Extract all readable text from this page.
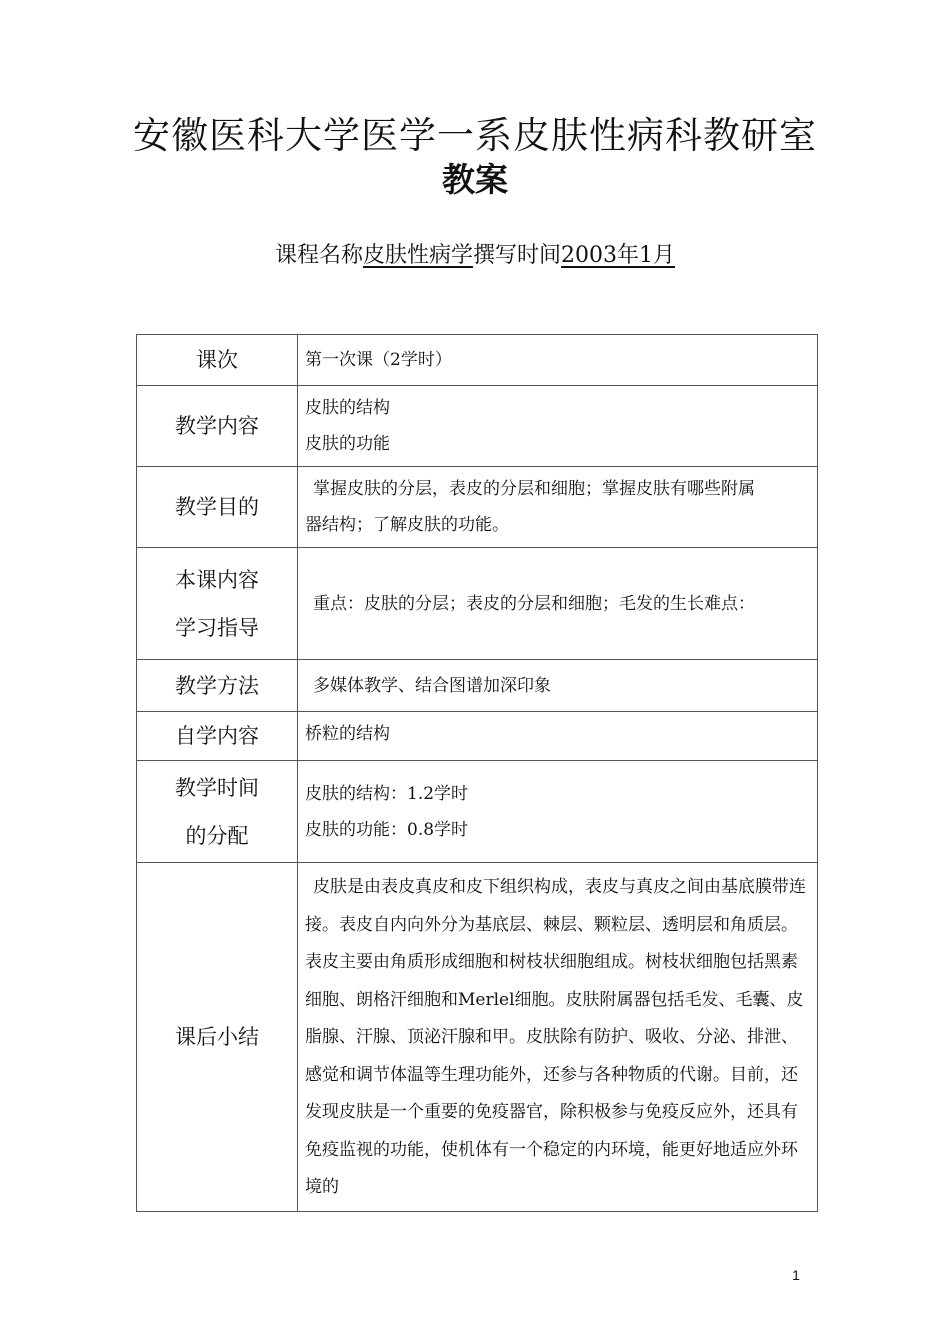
安徽医科大学医学一系皮肤性病科教研室
教案
课程名称皮肤性病学撰写时间2003年1月
课次	第一次课（2学时）

教学内容	皮肤的结构
皮肤的功能

教学目的	掌握皮肤的分层，表皮的分层和细胞；掌握皮肤有哪些附属
器结构；了解皮肤的功能。

本课内容
学习指导	重点：皮肤的分层；表皮的分层和细胞；毛发的生长难点：

教学方法	多媒体教学、结合图谱加深印象

自学内容	桥粒的结构

教学时间
的分配	皮肤的结构：1.2学时
皮肤的功能：0.8学时

课后小结	皮肤是由表皮真皮和皮下组织构成，表皮与真皮之间由基底膜带连接。表皮自内向外分为基底层、棘层、颗粒层、透明层和角质层。表皮主要由角质形成细胞和树枝状细胞组成。树枝状细胞包括黑素细胞、朗格汗细胞和Merlel细胞。皮肤附属器包括毛发、毛囊、皮脂腺、汗腺、顶泌汗腺和甲。皮肤除有防护、吸收、分泌、排泄、感觉和调节体温等生理功能外，还参与各种物质的代谢。目前，还发现皮肤是一个重要的免疫器官，除积极参与免疫反应外，还具有免疫监视的功能，使机体有一个稳定的内环境，能更好地适应外环境的

1
